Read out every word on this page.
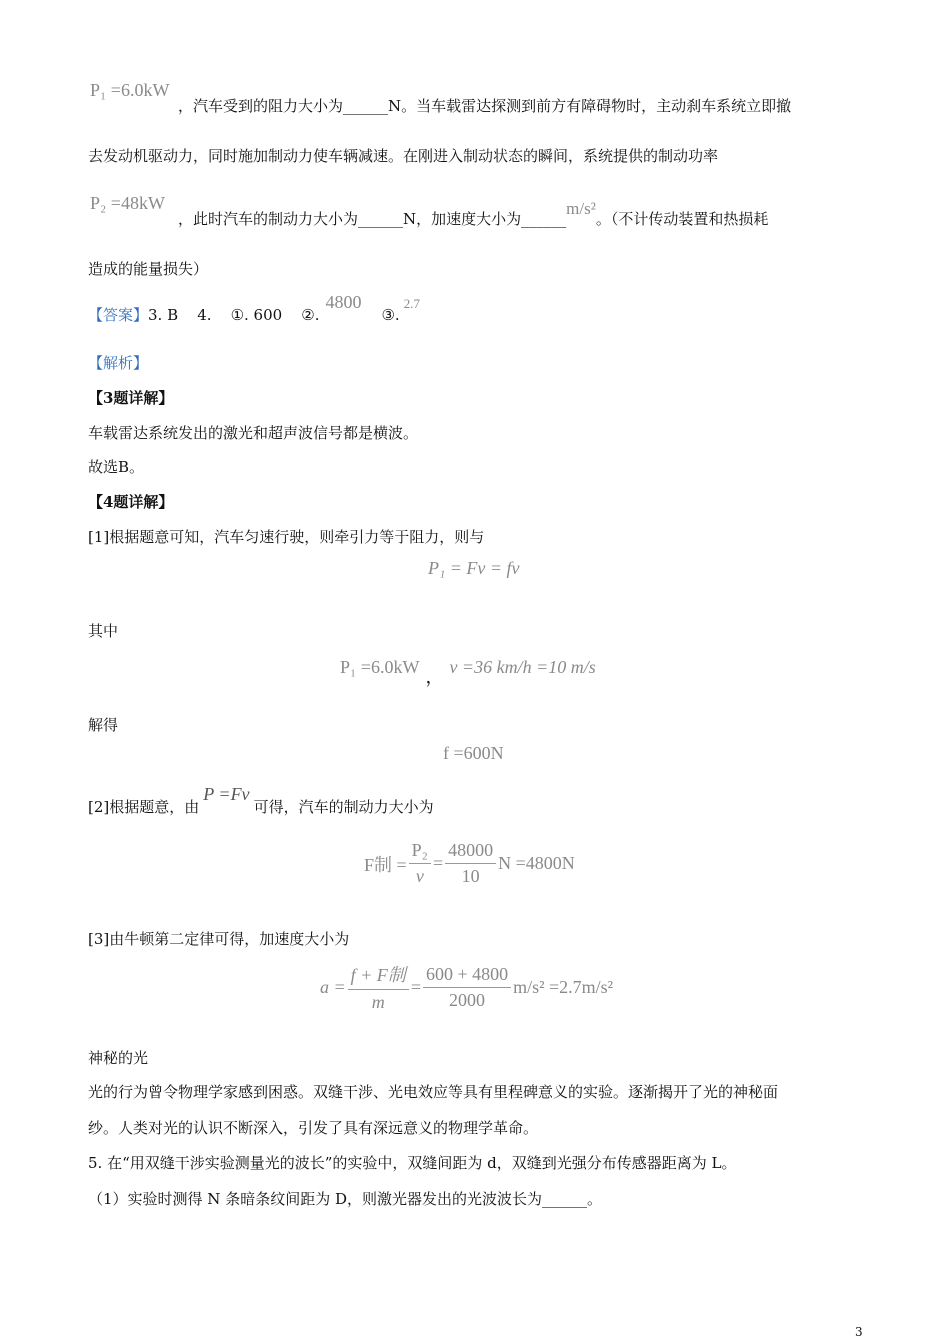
P₁ =6.0kW
，汽车受到的阻力大小为______N。当车载雷达探测到前方有障碍物时，主动刹车系统立即撤
去发动机驱动力，同时施加制动力使车辆减速。在刚进入制动状态的瞬间，系统提供的制动功率
P₂ =48kW
，此时汽车的制动力大小为______N，加速度大小为______m/s²。（不计传动装置和热损耗
造成的能量损失）
【答案】3. B    4.    ①. 600    ②.4800③.2.7
【解析】
【3题详解】
车载雷达系统发出的激光和超声波信号都是横波。
故选B。
【4题详解】
[1]根据题意可知，汽车匀速行驶，则牵引力等于阻力，则与
P₁ = Fv = fv
其中
P₁ =6.0kW ， v =36 km/h =10 m/s
解得
f =600N
[2]根据题意，由P =Fv可得，汽车的制动力大小为
F制 = $\frac{\text{P₂}}{v} = \frac{48000}{10}$ N =4800N
[3]由牛顿第二定律可得，加速度大小为
$a = \frac{\text{f + F制}}{m} = \frac{600 + 4800}{2000} m/s^2 =2.7m/s^2$
神秘的光
光的行为曾令物理学家感到困惑。双缝干涉、光电效应等具有里程碑意义的实验。逐渐揭开了光的神秘面
纱。人类对光的认识不断深入，引发了具有深远意义的物理学革命。
5. 在“用双缝干涉实验测量光的波长”的实验中，双缝间距为 d，双缝到光强分布传感器距离为 L。
（1）实验时测得 N 条暗条纹间距为 D，则激光器发出的光波波长为______。
3
